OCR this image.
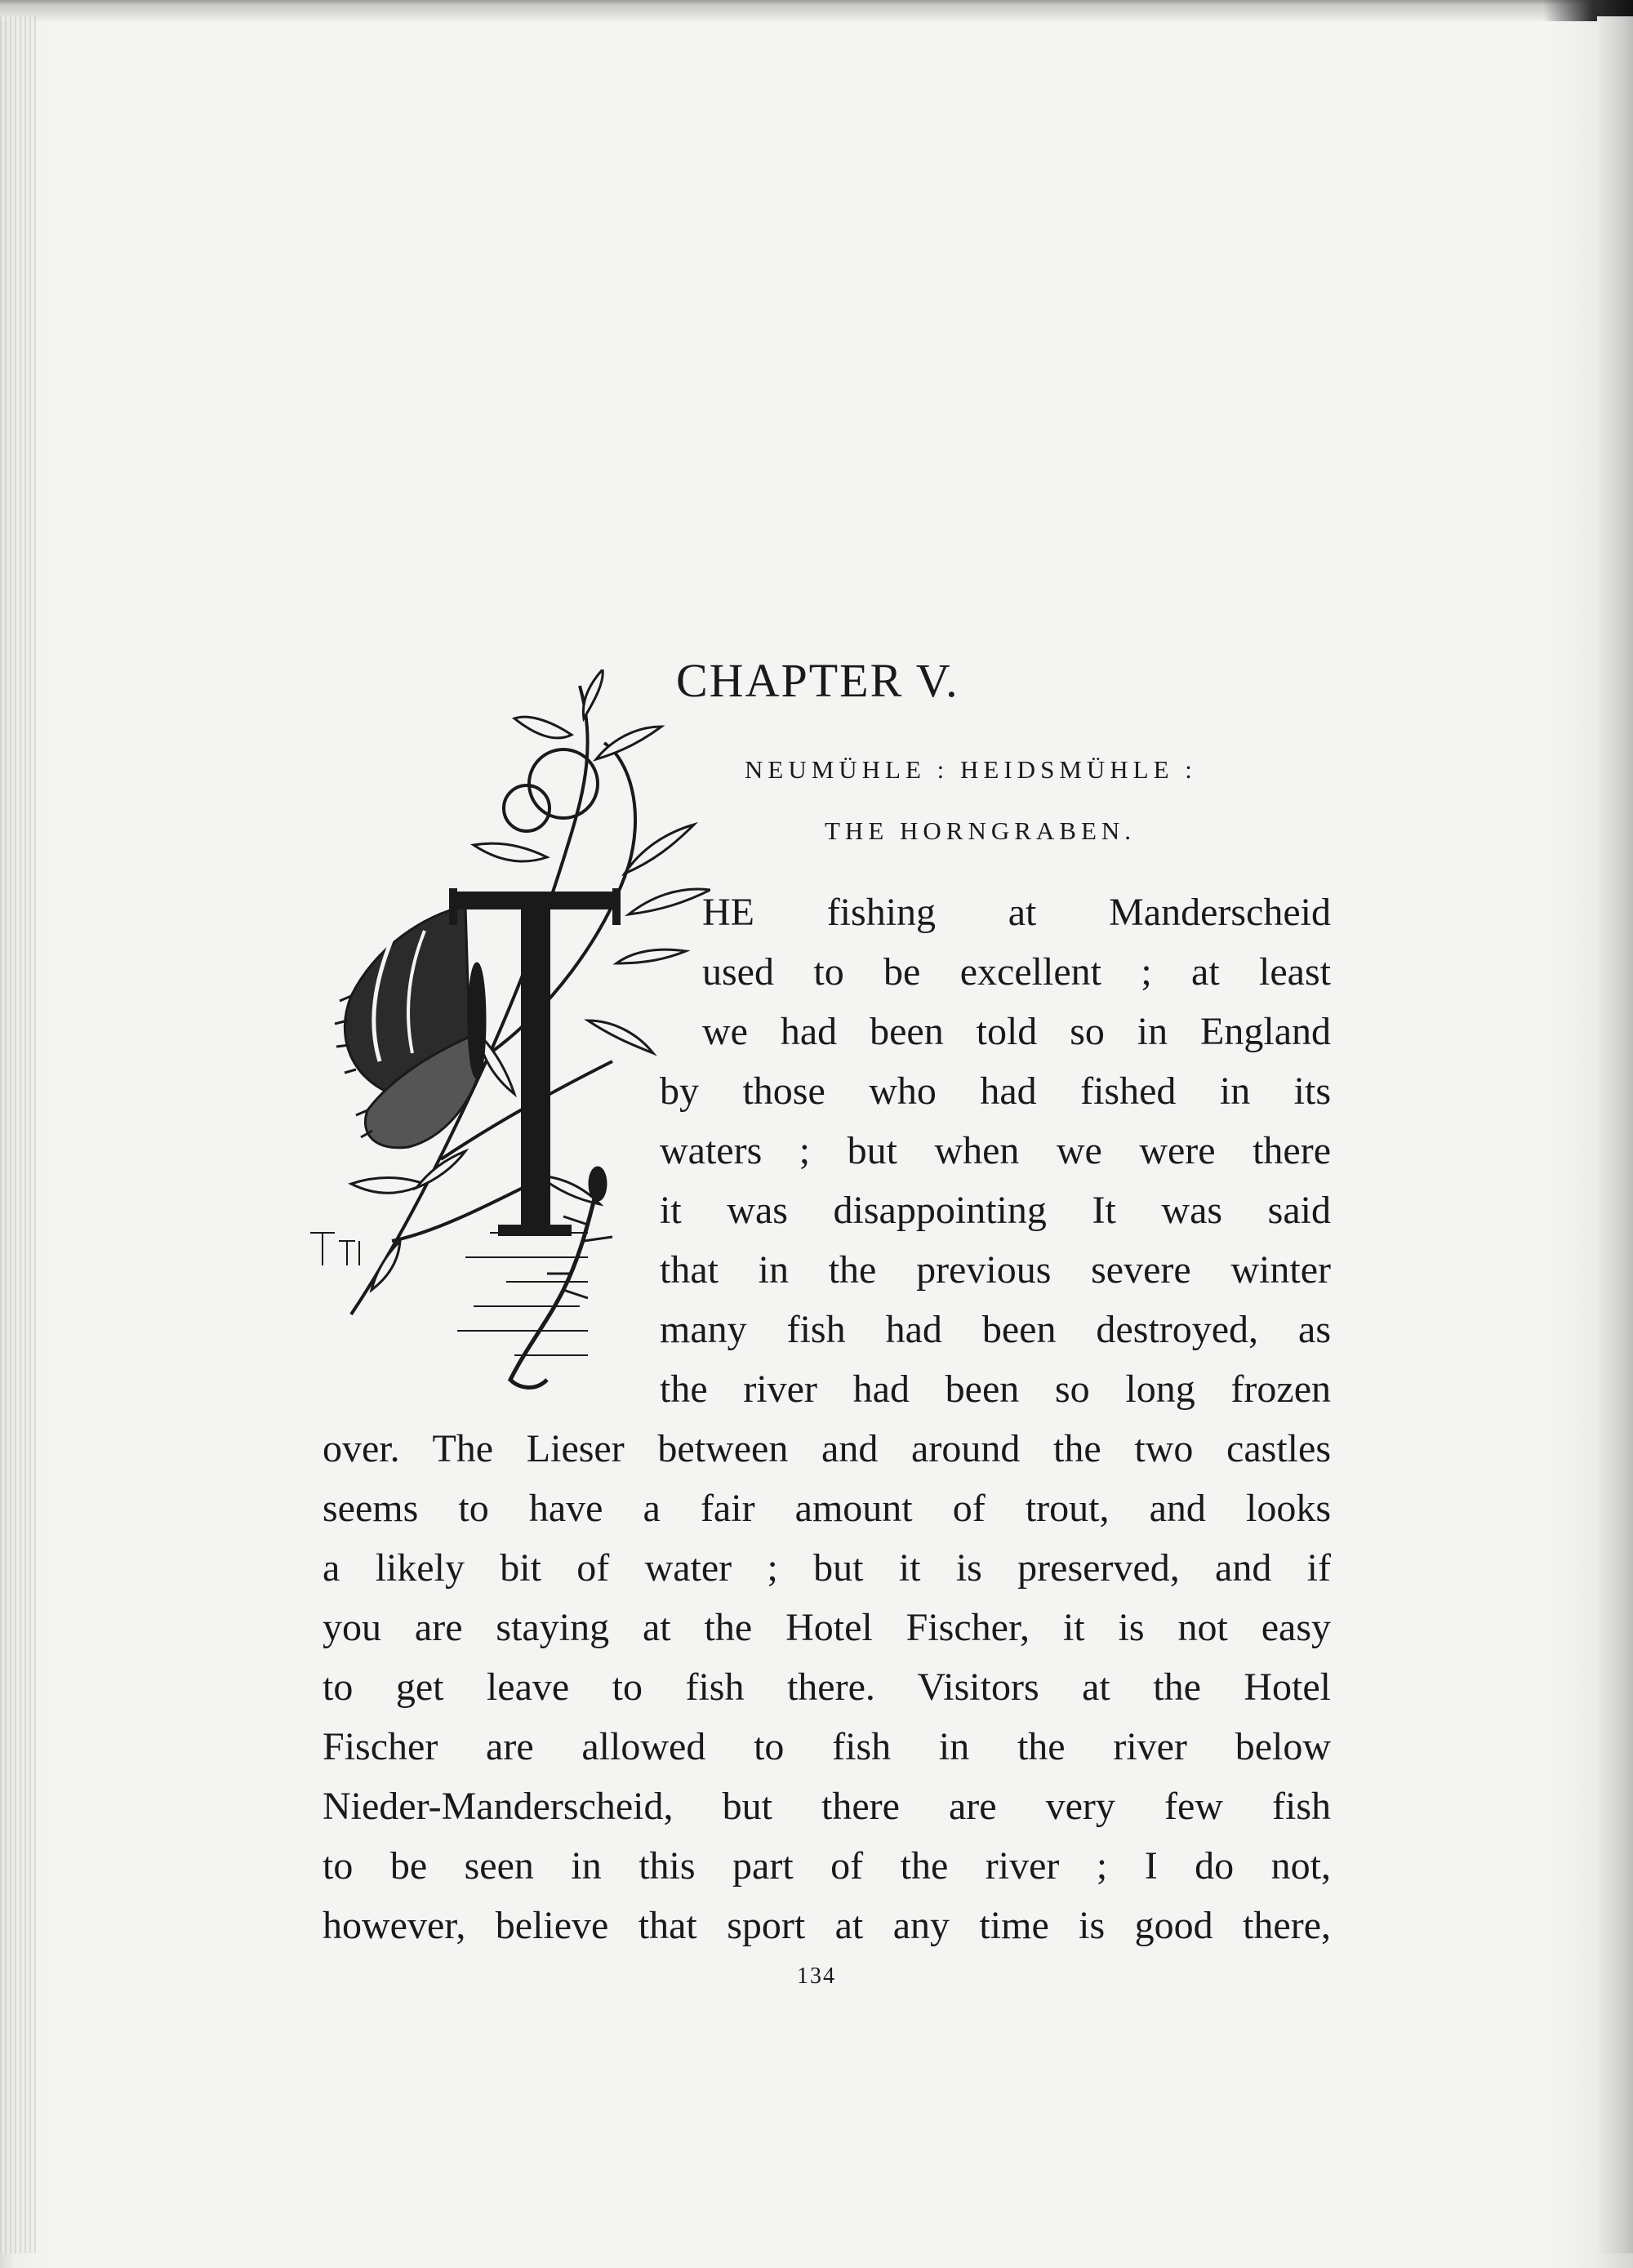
CHAPTER V.
NEUMÜHLE : HEIDSMÜHLE :
THE HORNGRABEN.
HE fishing at Manderscheid
used to be excellent ; at least
we had been told so in England
by those who had fished in its
waters ; but when we were there
it was disappointing It was said
that in the previous severe winter
many fish had been destroyed, as
the river had been so long frozen
over. The Lieser between and around the two castles
seems to have a fair amount of trout, and looks
a likely bit of water ; but it is preserved, and if
you are staying at the Hotel Fischer, it is not easy
to get leave to fish there. Visitors at the Hotel
Fischer are allowed to fish in the river below
Nieder-Manderscheid, but there are very few fish
to be seen in this part of the river ; I do not,
however, believe that sport at any time is good there,
134
